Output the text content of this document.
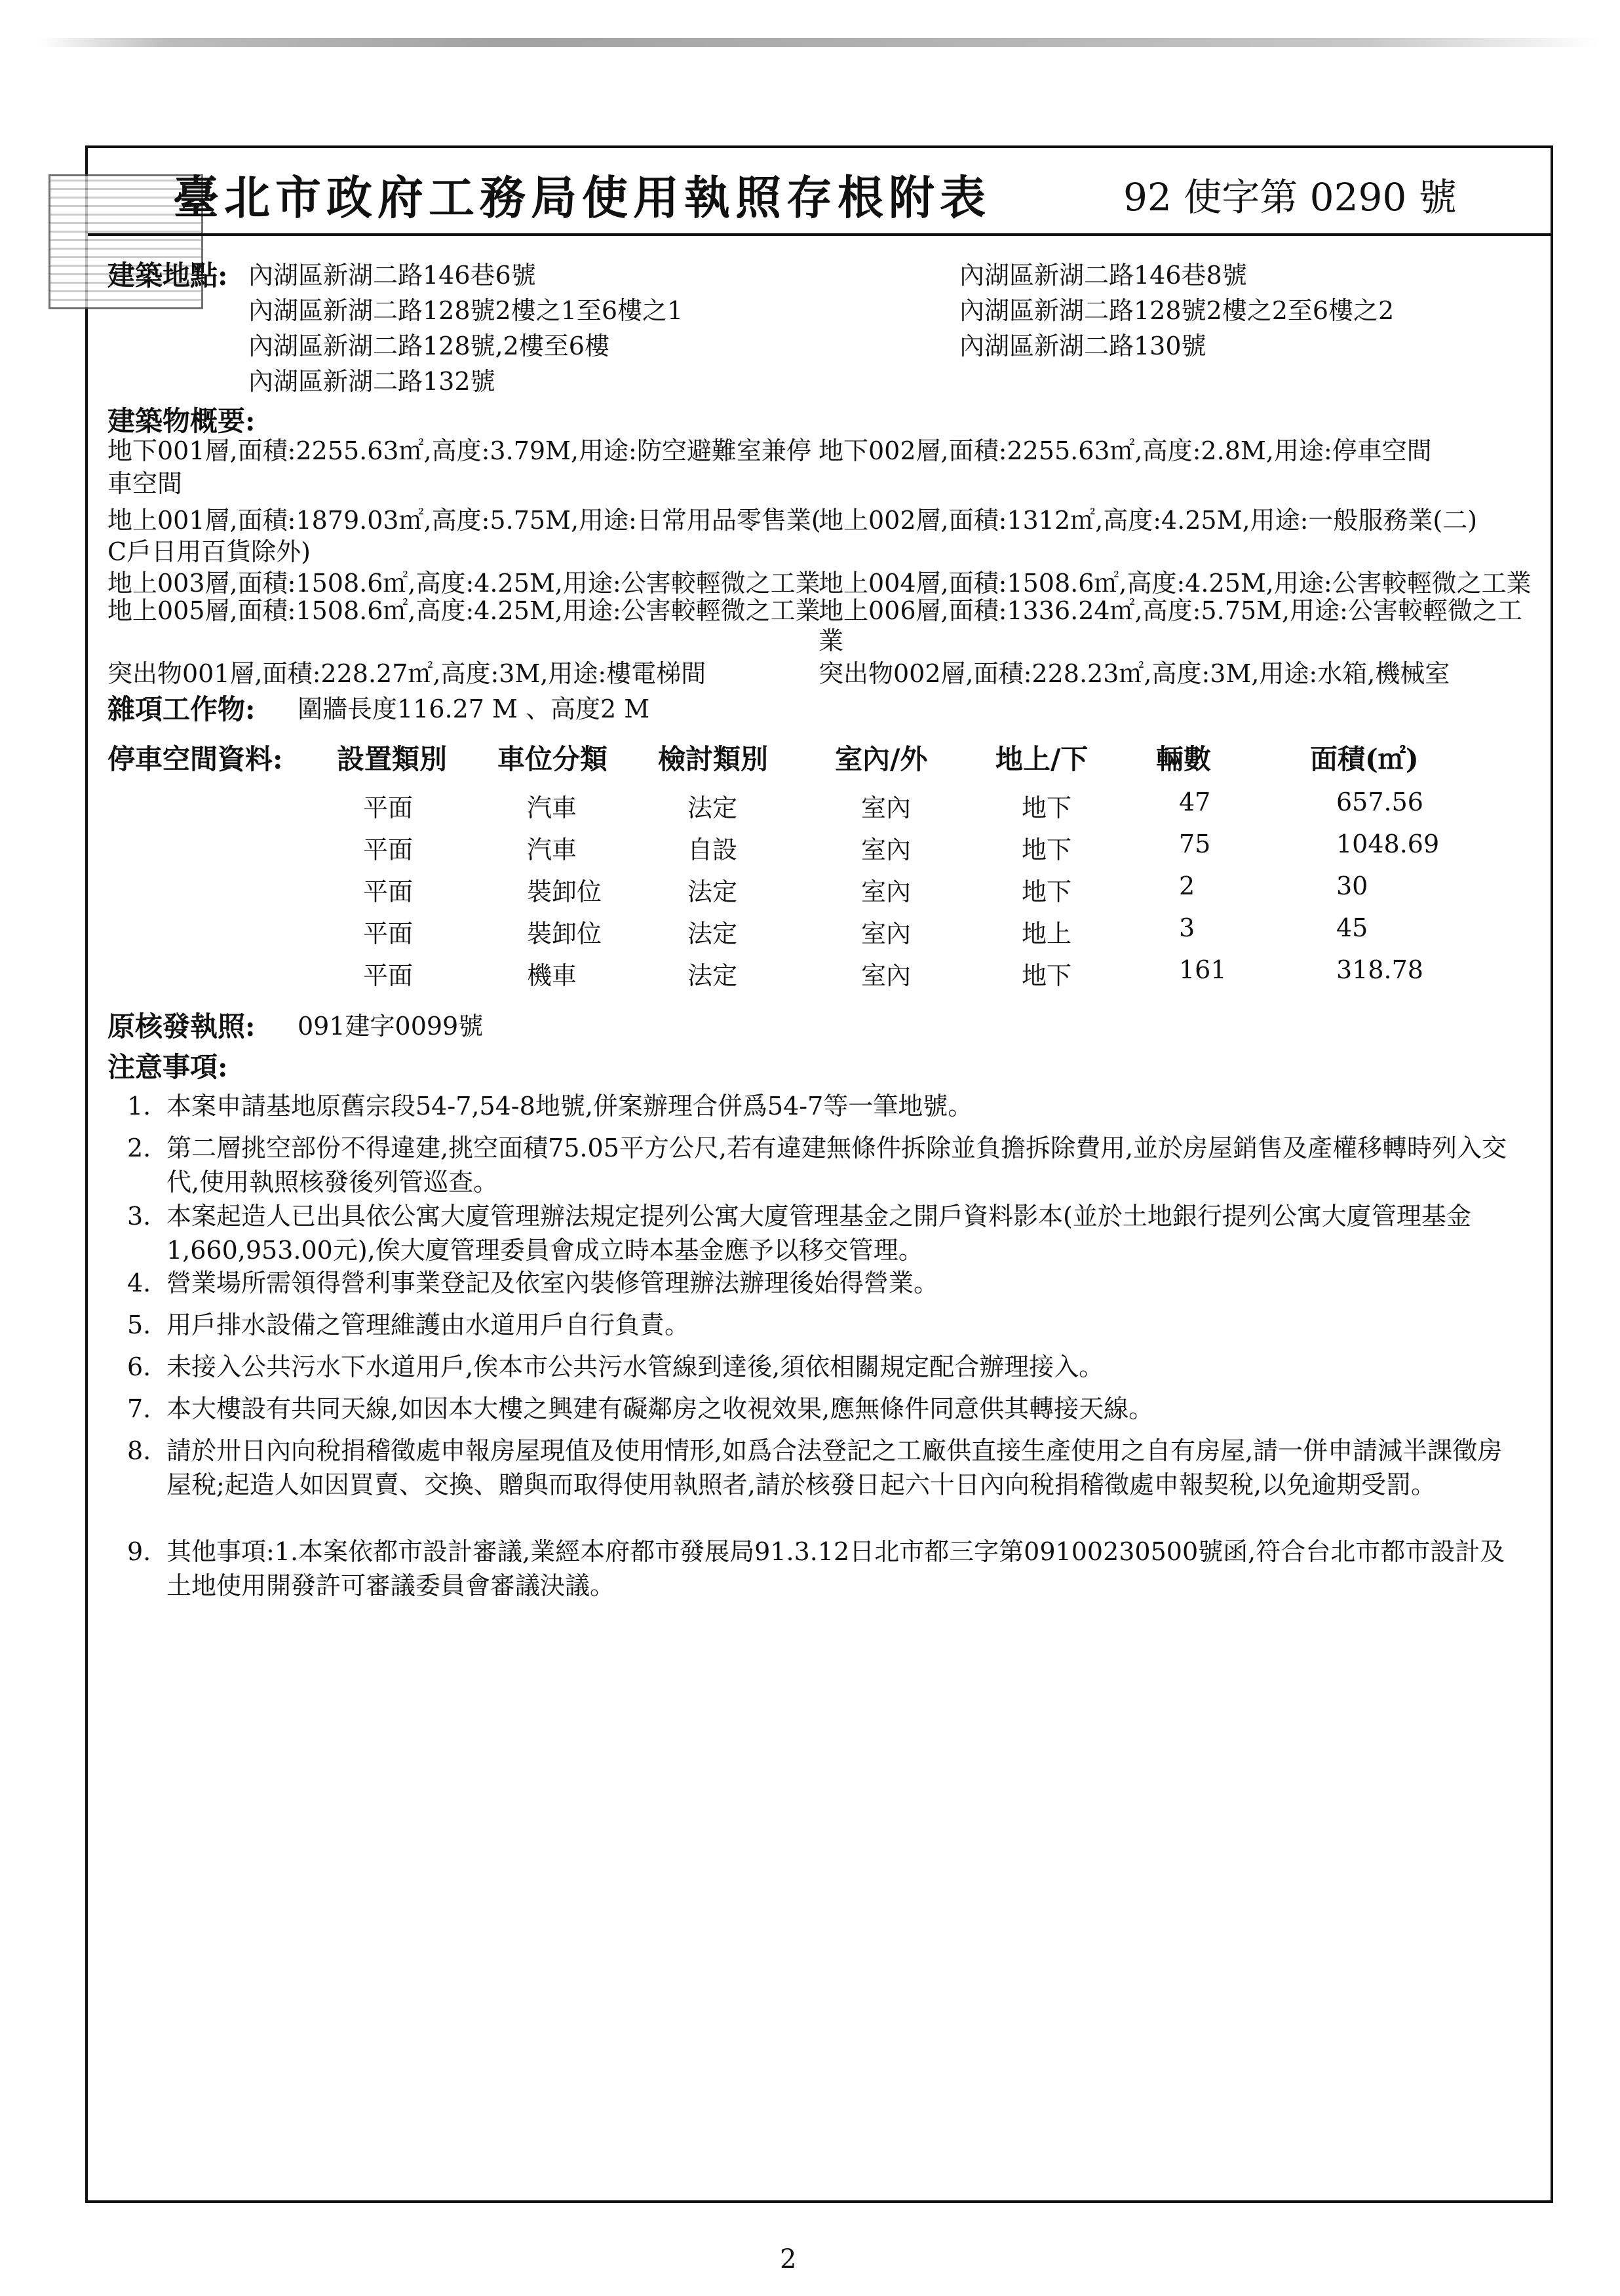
臺北市政府工務局使用執照存根附表	92 使字第 0290 號
建築地點: 內湖區新湖二路146巷6號	內湖區新湖二路146巷8號
內湖區新湖二路128號2樓之1至6樓之1	內湖區新湖二路128號2樓之2至6樓之2
內湖區新湖二路128號,2樓至6樓	內湖區新湖二路130號
內湖區新湖二路132號
建築物概要:
地下001層,面積:2255.63㎡,高度:3.79M,用途:防空避難室兼停 地下002層,面積:2255.63㎡,高度:2.8M,用途:停車空間
車空間
地上001層,面積:1879.03㎡,高度:5.75M,用途:日常用品零售業(
地上002層,面積:1312㎡,高度:4.25M,用途:一般服務業(二)
C戶日用百貨除外)
地上003層,面積:1508.6㎡,高度:4.25M,用途:公害較輕微之工業
地上004層,面積:1508.6㎡,高度:4.25M,用途:公害較輕微之工業
地上005層,面積:1508.6㎡,高度:4.25M,用途:公害較輕微之工業
地上006層,面積:1336.24㎡,高度:5.75M,用途:公害較輕微之工
業
突出物001層,面積:228.27㎡,高度:3M,用途:樓電梯間	突出物002層,面積:228.23㎡,高度:3M,用途:水箱,機械室
雜項工作物: 圍牆長度116.27 M 、高度2 M
停車空間資料: 設置類別 車位分類 檢討類別 室內/外 地上/下 輛數	面積(㎡)
平面	汽車	法定	室內	地下	47	657.56
平面	汽車	自設	室內	地下	75	1048.69
平面	裝卸位	法定	室內	地下	2	30
平面	裝卸位	法定	室內	地上	3	45
平面	機車	法定	室內	地下	161	318.78
原核發執照: 091建字0099號
注意事項:
1. 本案申請基地原舊宗段54-7,54-8地號,併案辦理合併爲54-7等一筆地號。
2. 第二層挑空部份不得違建,挑空面積75.05平方公尺,若有違建無條件拆除並負擔拆除費用,並於房屋銷售及產權移轉時列入交代,使用執照核發後列管巡查。
3. 本案起造人已出具依公寓大廈管理辦法規定提列公寓大廈管理基金之開戶資料影本(並於土地銀行提列公寓大廈管理基金1,660,953.00元),俟大廈管理委員會成立時本基金應予以移交管理。
4. 營業場所需領得營利事業登記及依室內裝修管理辦法辦理後始得營業。
5. 用戶排水設備之管理維護由水道用戶自行負責。
6. 未接入公共污水下水道用戶,俟本市公共污水管線到達後,須依相關規定配合辦理接入。
7. 本大樓設有共同天線,如因本大樓之興建有礙鄰房之收視效果,應無條件同意供其轉接天線。
8. 請於卅日內向稅捐稽徵處申報房屋現值及使用情形,如爲合法登記之工廠供直接生產使用之自有房屋,請一併申請減半課徵房屋稅;起造人如因買賣、交換、贈與而取得使用執照者,請於核發日起六十日內向稅捐稽徵處申報契稅,以免逾期受罰。
9. 其他事項:1.本案依都市設計審議,業經本府都市發展局91.3.12日北市都三字第09100230500號函,符合台北市都市設計及土地使用開發許可審議委員會審議決議。
2
